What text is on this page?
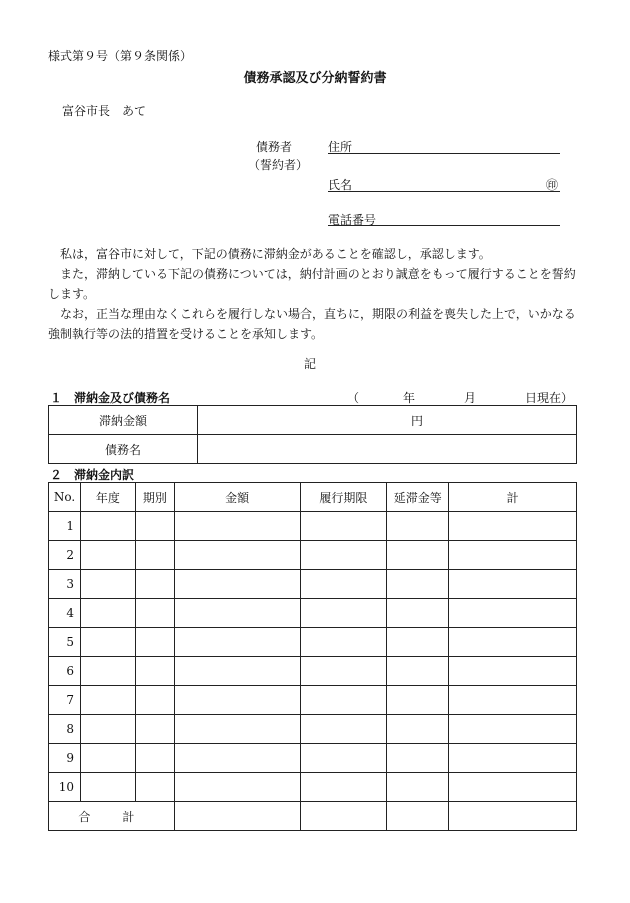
様式第９号（第９条関係）
債務承認及び分納誓約書
富谷市長　あて
債務者
（誓約者）
住所
氏名	㊞
電話番号

私は，富谷市に対して，下記の債務に滞納金があることを確認し，承認します。

また，滞納している下記の債務については，納付計画のとおり誠意をもって履行することを誓約します。

なお，正当な理由なくこれらを履行しない場合，直ちに，期限の利益を喪失した上で，いかなる強制執行等の法的措置を受けることを承知します。

記
１　滞納金及び債務名	（	年	月	日現在）
滞納金額	円
債務名	
２　滞納金内訳
No.	年度	期別	金額	履行期限	延滞金等	計
1						
2						
3						
4						
5						
6						
7						
8						
9						
10						
合　計						
